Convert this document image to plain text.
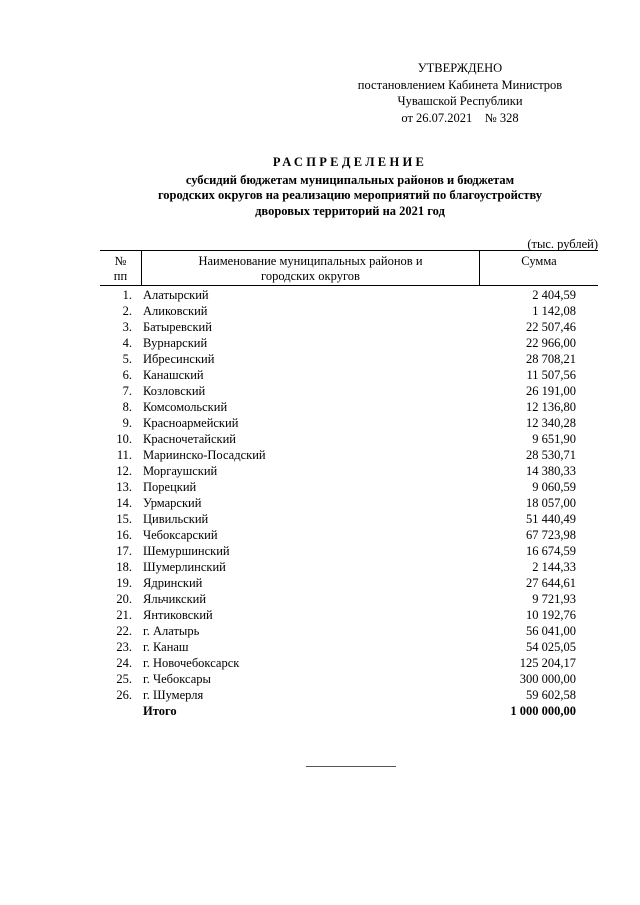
УТВЕРЖДЕНО
постановлением Кабинета Министров
Чувашской Республики
от 26.07.2021    № 328
РАСПРЕДЕЛЕНИЕ
субсидий бюджетам муниципальных районов и бюджетам
городских округов на реализацию мероприятий по благоустройству
дворовых территорий на 2021 год
(тыс. рублей)
№
пп
Наименование муниципальных районов и
городских округов
Сумма
1. Алатырский	2 404,59
2. Аликовский	1 142,08
3. Батыревский	22 507,46
4. Вурнарский	22 966,00
5. Ибресинский	28 708,21
6. Канашский	11 507,56
7. Козловский	26 191,00
8. Комсомольский	12 136,80
9. Красноармейский	12 340,28
10. Красночетайский	9 651,90
11. Мариинско-Посадский	28 530,71
12. Моргаушский	14 380,33
13. Порецкий	9 060,59
14. Урмарский	18 057,00
15. Цивильский	51 440,49
16. Чебоксарский	67 723,98
17. Шемуршинский	16 674,59
18. Шумерлинский	2 144,33
19. Ядринский	27 644,61
20. Яльчикский	9 721,93
21. Янтиковский	10 192,76
22. г. Алатырь	56 041,00
23. г. Канаш	54 025,05
24. г. Новочебоксарск	125 204,17
25. г. Чебоксары	300 000,00
26. г. Шумерля	59 602,58
Итого	1 000 000,00
